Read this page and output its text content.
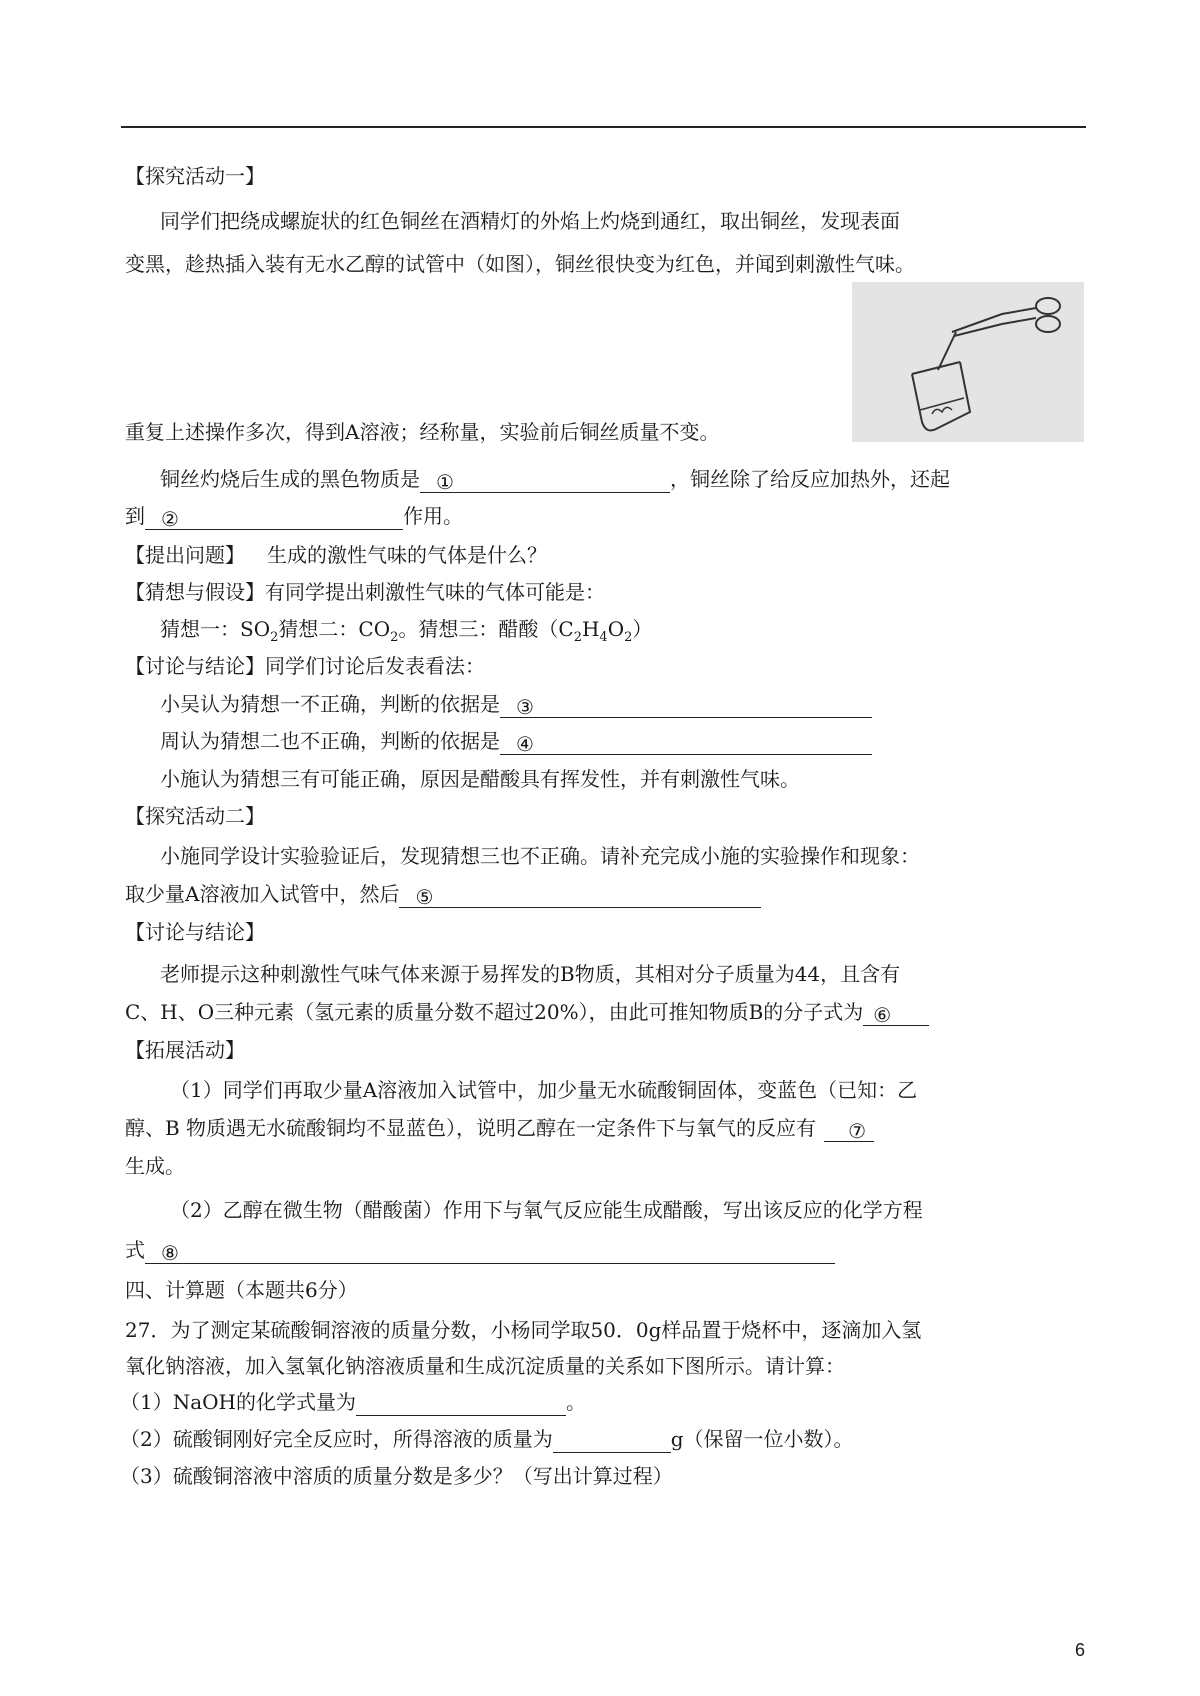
【探究活动一】
同学们把绕成螺旋状的红色铜丝在酒精灯的外焰上灼烧到通红，取出铜丝，发现表面
变黑，趁热插入装有无水乙醇的试管中（如图），铜丝很快变为红色，并闻到刺激性气味。
重复上述操作多次，得到A溶液；经称量，实验前后铜丝质量不变。
铜丝灼烧后生成的黑色物质是 ①	，铜丝除了给反应加热外，还起
到 ②	作用。
【提出问题】 生成的激性气味的气体是什么？
【猜想与假设】有同学提出刺激性气味的气体可能是：
猜想一：$SO_2$猜想二：$CO_2$。猜想三：醋酸$(C_2H_4O_2)$
【讨论与结论】同学们讨论后发表看法：
小吴认为猜想一不正确，判断的依据是 ③
周认为猜想二也不正确，判断的依据是 ④
小施认为猜想三有可能正确，原因是醋酸具有挥发性，并有刺激性气味。
【探究活动二】
小施同学设计实验验证后，发现猜想三也不正确。请补充完成小施的实验操作和现象：
取少量A溶液加入试管中，然后 ⑤
【讨论与结论】
老师提示这种刺激性气味气体来源于易挥发的B物质，其相对分子质量为44，且含有
C、H、O三种元素（氢元素的质量分数不超过20%），由此可推知物质B的分子式为 ⑥
【拓展活动】
（1）同学们再取少量A溶液加入试管中，加少量无水硫酸铜固体，变蓝色（已知：乙
醇、B 物质遇无水硫酸铜均不显蓝色），说明乙醇在一定条件下与氧气的反应有 ⑦
生成。
（2）乙醇在微生物（醋酸菌）作用下与氧气反应能生成醋酸，写出该反应的化学方程
式 ⑧
四、计算题（本题共6分）
27．为了测定某硫酸铜溶液的质量分数，小杨同学取50．0g样品置于烧杯中，逐滴加入氢
氧化钠溶液，加入氢氧化钠溶液质量和生成沉淀质量的关系如下图所示。请计算：
（1）NaOH的化学式量为	。
（2）硫酸铜刚好完全反应时，所得溶液的质量为	g（保留一位小数）。
（3）硫酸铜溶液中溶质的质量分数是多少？（写出计算过程）
6
